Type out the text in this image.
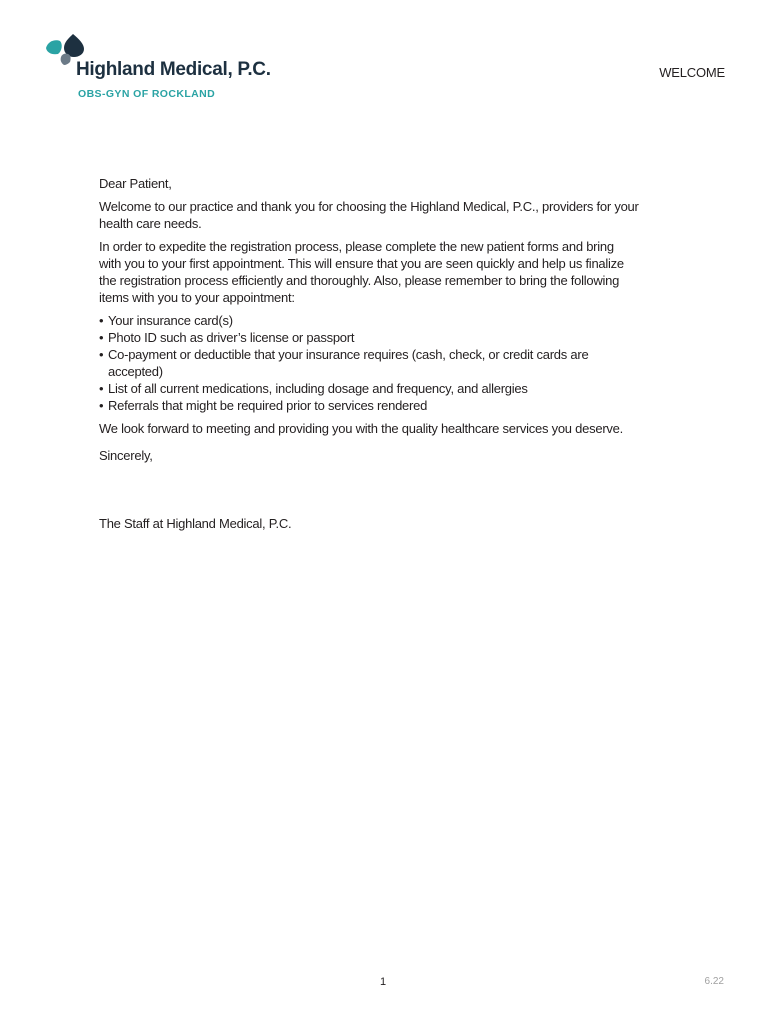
Highland Medical, P.C.
OBS-GYN OF ROCKLAND
WELCOME

Dear Patient,

Welcome to our practice and thank you for choosing the Highland Medical, P.C., providers for your health care needs.

In order to expedite the registration process, please complete the new patient forms and bring with you to your first appointment. This will ensure that you are seen quickly and help us finalize the registration process efficiently and thoroughly. Also, please remember to bring the following items with you to your appointment:

• Your insurance card(s)
• Photo ID such as driver’s license or passport
• Co-payment or deductible that your insurance requires (cash, check, or credit cards are accepted)
• List of all current medications, including dosage and frequency, and allergies
• Referrals that might be required prior to services rendered

We look forward to meeting and providing you with the quality healthcare services you deserve.

Sincerely,

The Staff at Highland Medical, P.C.

1	6.22
